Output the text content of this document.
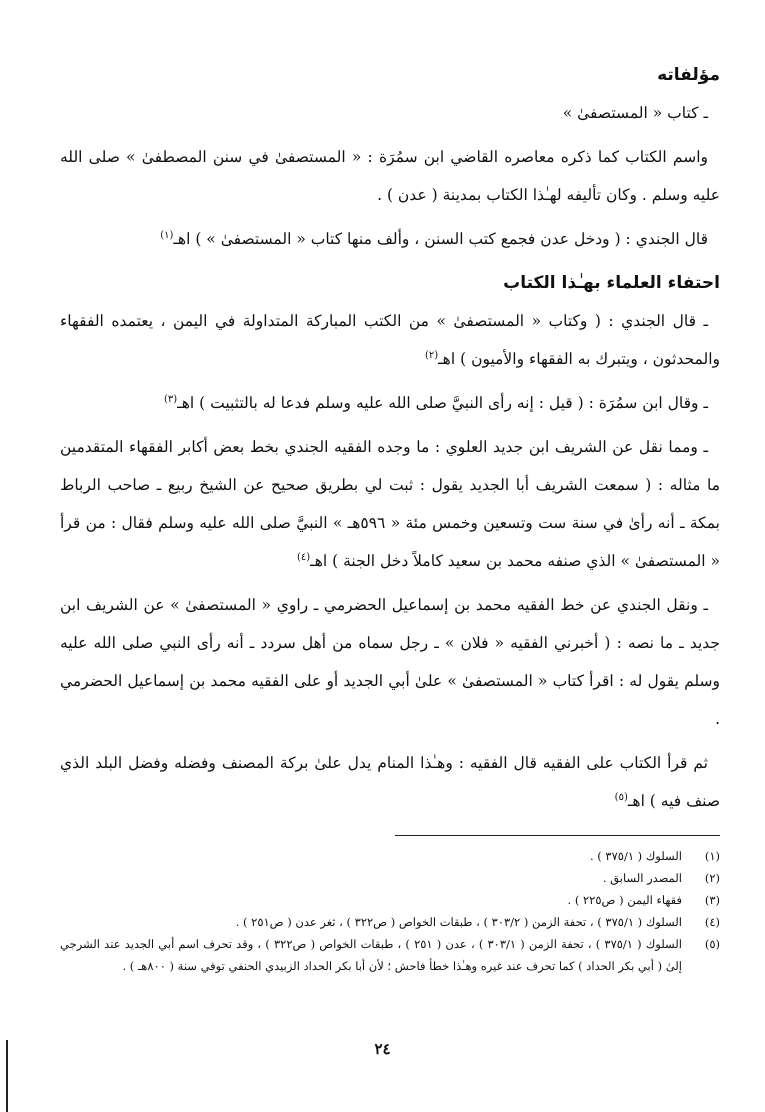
مؤلفاته

ـ كتاب « المستصفىٰ »

واسم الكتاب كما ذكره معاصره القاضي ابن سمُرَة : « المستصفىٰ في سنن المصطفىٰ » صلى الله عليه وسلم . وكان تأليفه لهـٰذا الكتاب بمدينة ( عدن ) .

قال الجندي : ( ودخل عدن فجمع كتب السنن ، وألف منها كتاب « المستصفىٰ » ) اهـ$^{(١)}$

احتفاء العلماء بهـٰذا الكتاب

ـ قال الجندي : ( وكتاب « المستصفىٰ » من الكتب المباركة المتداولة في اليمن ، يعتمده الفقهاء والمحدثون ، ويتبرك به الفقهاء والأميون ) اهـ$^{(٢)}$

ـ وقال ابن سمُرَة : ( قيل : إنه رأى النبيَّ صلى الله عليه وسلم فدعا له بالتثبيت ) اهـ$^{(٣)}$

ـ ومما نقل عن الشريف ابن جديد العلوي : ما وجده الفقيه الجندي بخط بعض أكابر الفقهاء المتقدمين ما مثاله : ( سمعت الشريف أبا الجديد يقول : ثبت لي بطريق صحيح عن الشيخ ربيع ـ صاحب الرباط بمكة ـ أنه رأىٰ في سنة ست وتسعين وخمس مئة « ٥٩٦هـ » النبيَّ صلى الله عليه وسلم فقال : من قرأ « المستصفىٰ » الذي صنفه محمد بن سعيد كاملاً دخل الجنة ) اهـ$^{(٤)}$

ـ ونقل الجندي عن خط الفقيه محمد بن إسماعيل الحضرمي ـ راوي « المستصفىٰ » عن الشريف ابن جديد ـ ما نصه : ( أخبرني الفقيه « فلان » ـ رجل سماه من أهل سردد ـ أنه رأى النبي صلى الله عليه وسلم يقول له : اقرأ كتاب « المستصفىٰ » علىٰ أبي الجديد أو على الفقيه محمد بن إسماعيل الحضرمي .

ثم قرأ الكتاب على الفقيه قال الفقيه : وهـٰذا المنام يدل علىٰ بركة المصنف وفضله وفضل البلد الذي صنف فيه ) اهـ$^{(٥)}$

(١)
السلوك ( ٣٧٥/١ ) .
(٢)
المصدر السابق .
(٣)
فقهاء اليمن ( ص٢٢٥ ) .
(٤)
السلوك ( ٣٧٥/١ ) ، تحفة الزمن ( ٣٠٣/٢ ) ، طبقات الخواص ( ص٣٢٢ ) ، ثغر عدن ( ص٢٥١ ) .
(٥)
السلوك ( ٣٧٥/١ ) ، تحفة الزمن ( ٣٠٣/١ ) ، عدن ( ٢٥١ ) ، طبقات الخواص ( ص٣٢٢ ) ، وقد تحرف اسم أبي الجديد عند الشرجي إلىٰ ( أبي بكر الحداد ) كما تحرف عند غيره وهـٰذا خطأ فاحش ؛ لأن أبا بكر الحداد الزبيدي الحنفي توفي سنة ( ٨٠٠هـ ) .
٢٤
